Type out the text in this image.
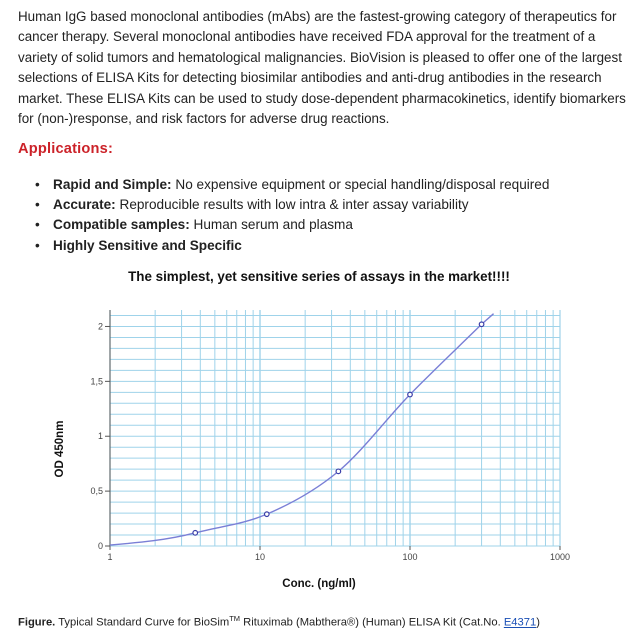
Human IgG based monoclonal antibodies (mAbs) are the fastest-growing category of therapeutics for cancer therapy. Several monoclonal antibodies have received FDA approval for the treatment of a variety of solid tumors and hematological malignancies. BioVision is pleased to offer one of the largest selections of ELISA Kits for detecting biosimilar antibodies and anti-drug antibodies in the research market. These ELISA Kits can be used to study dose-dependent pharmacokinetics, identify biomarkers for (non-)response, and risk factors for adverse drug reactions.

Applications:
• Rapid and Simple: No expensive equipment or special handling/disposal required
• Accurate: Reproducible results with low intra & inter assay variability
• Compatible samples: Human serum and plasma
• Highly Sensitive and Specific

The simplest, yet sensitive series of assays in the market!!!!

0
0,5
1
1,5
2
1	10	100	1000
OD 450nm
Conc. (ng/ml)
Figure. Typical Standard Curve for BioSim™ Rituximab (Mabthera®) (Human) ELISA Kit (Cat.No. E4371)
